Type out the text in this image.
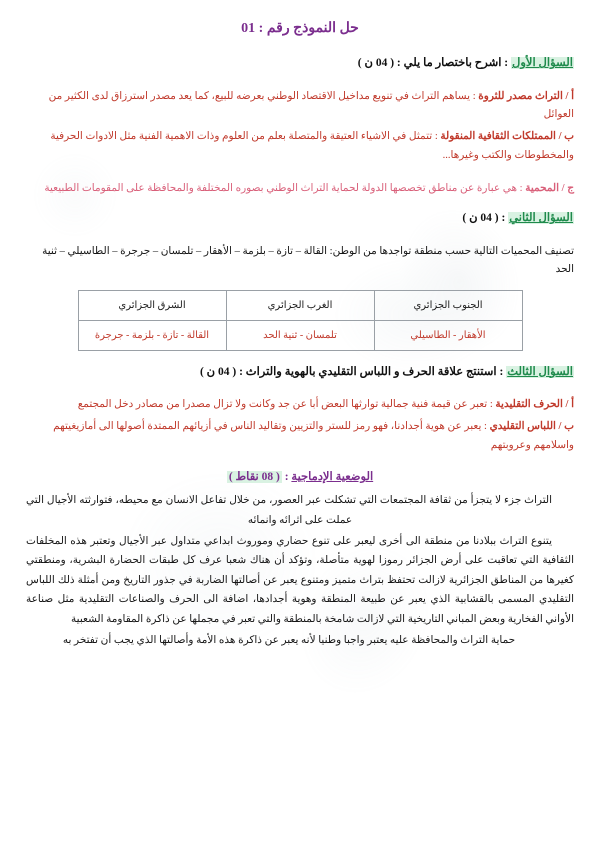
حل النموذج رقم : 01
السؤال الأول : اشرح باختصار ما يلي : ( 04 ن )
أ / التراث مصدر للثروة : يساهم التراث في تنويع مداخيل الاقتصاد الوطني بعرضه للبيع، كما يعد مصدر استرزاق لدى الكثير من العوائل
ب / الممتلكات الثقافية المنقولة : تتمثل في الاشياء العتيقة والمتصلة بعلم من العلوم وذات الاهمية الفنية مثل الادوات الحرفية والمخطوطات والكتب وغيرها...
ج / المحمية : هي عبارة عن مناطق تخصصها الدولة لحماية التراث الوطني بصوره المختلفة والمحافظة على المقومات الطبيعية
السؤال الثاني : ( 04 ن )
تصنيف المحميات التالية حسب منطقة تواجدها من الوطن: القالة – تازة – بلزمة – الأهقار – تلمسان – جرجرة – الطاسيلي – ثنية الحد
الجنوب الجزائري	الغرب الجزائري	الشرق الجزائري
الأهقار - الطاسيلي	تلمسان - ثنية الحد	القالة - تازة - بلزمة - جرجرة
السؤال الثالث : استنتج علاقة الحرف و اللباس التقليدي بالهوية والتراث : ( 04 ن )
أ / الحرف التقليدية : تعبر عن قيمة فنية جمالية توارثها البعض أبا عن جد وكانت ولا تزال مصدرا من مصادر دخل المجتمع
ب / اللباس التقليدي : يعبر عن هوية أجدادنا، فهو رمز للستر والتزيين وتقاليد الناس في أزيائهم الممتدة أصولها الى أمازيغيتهم واسلامهم وعروبتهم
الوضعية الإدماجية : ( 08 نقاط )
التراث جزء لا يتجزأ من ثقافة المجتمعات التي تشكلت عبر العصور، من خلال تفاعل الانسان مع محيطه، فتوارثته الأجيال التي عملت على اثرائه وانمائه
يتنوع التراث ببلادنا من منطقة الى أخرى ليعبر على تنوع حضاري وموروث ابداعي متداول عبر الأجيال وتعتبر هذه المخلفات الثقافية التي تعاقبت على أرض الجزائر رموزا لهوية متأصلة، وتؤكد أن هناك شعبا عرف كل طبقات الحضارة البشرية، ومنطقتي كغيرها من المناطق الجزائرية لازالت تحتفظ بتراث متميز ومتنوع يعبر عن أصالتها الضاربة في جذور التاريخ ومن أمثلة ذلك اللباس التقليدي المسمى بالقشابية الذي يعبر عن طبيعة المنطقة وهوية أجدادها، اضافة الى الحرف والصناعات التقليدية مثل صناعة الأواني الفخارية وبعض المباني التاريخية التي لازالت شامخة بالمنطقة والتي تعبر في مجملها عن ذاكرة المقاومة الشعبية
حماية التراث والمحافظة عليه يعتبر واجبا وطنيا لأنه يعبر عن ذاكرة هذه الأمة وأصالتها الذي يجب أن تفتخر به
